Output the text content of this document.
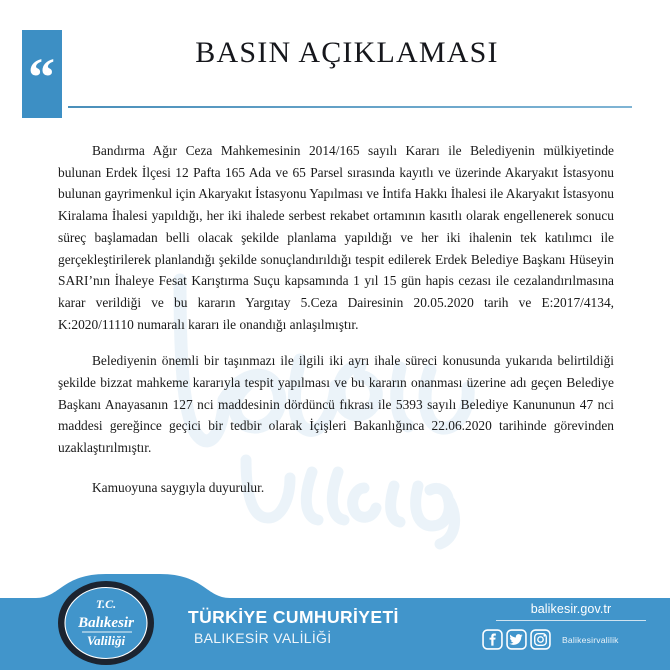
“	BASIN AÇIKLAMASI

Bandırma Ağır Ceza Mahkemesinin 2014/165 sayılı Kararı ile Belediyenin mülkiyetinde bulunan Erdek İlçesi 12 Pafta 165 Ada ve 65 Parsel sırasında kayıtlı ve üzerinde Akaryakıt İstasyonu bulunan gayrimenkul için Akaryakıt İstasyonu Yapılması ve İntifa Hakkı İhalesi ile Akaryakıt İstasyonu Kiralama İhalesi yapıldığı, her iki ihalede serbest rekabet ortamının kasıtlı olarak engellenerek sonucu süreç başlamadan belli olacak şekilde planlama yapıldığı ve her iki ihalenin tek katılımcı ile gerçekleştirilerek planlandığı şekilde sonuçlandırıldığı tespit edilerek Erdek Belediye Başkanı Hüseyin SARI’nın İhaleye Fesat Karıştırma Suçu kapsamında 1 yıl 15 gün hapis cezası ile cezalandırılmasına karar verildiği ve bu kararın Yargıtay 5.Ceza Dairesinin 20.05.2020 tarih ve E:2017/4134, K:2020/11110 numaralı kararı ile onandığı anlaşılmıştır.

Belediyenin önemli bir taşınmazı ile ilgili iki ayrı ihale süreci konusunda yukarıda belirtildiği şekilde bizzat mahkeme kararıyla tespit yapılması ve bu kararın onanması üzerine adı geçen Belediye Başkanı Anayasanın 127 nci maddesinin dördüncü fıkrası ile 5393 sayılı Belediye Kanununun 47 nci maddesi gereğince geçici bir tedbir olarak İçişleri Bakanlığınca 22.06.2020 tarihinde görevinden uzaklaştırılmıştır.

Kamuoyuna saygıyla duyurulur.

T.C.
Balıkesir
Valiliği
TÜRKİYE CUMHURİYETİ
BALIKESİR VALİLİĞİ
balikesir.gov.tr
Balikesirvalilik
